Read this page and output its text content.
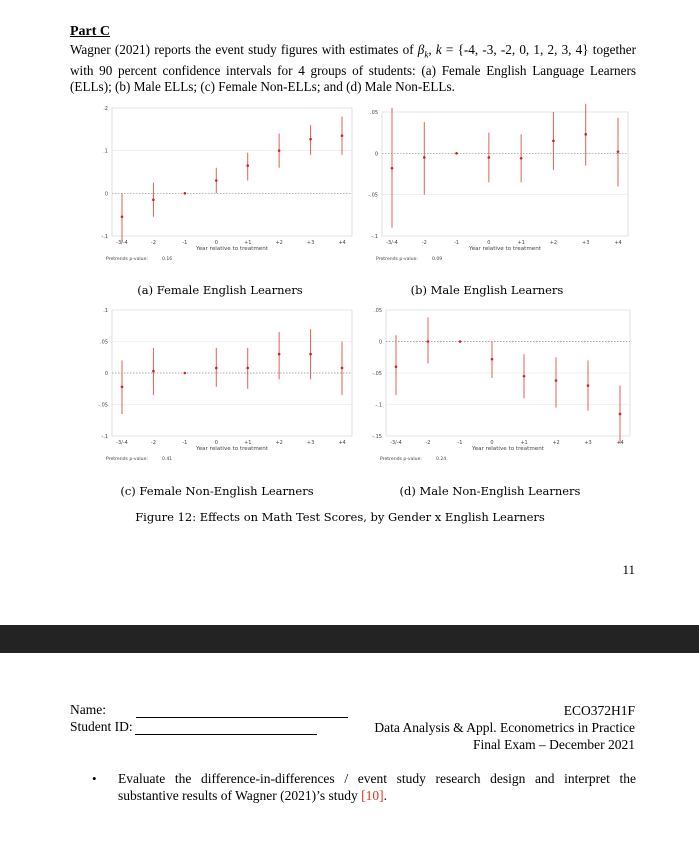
Part C
Wagner (2021) reports the event study figures with estimates of $\beta_k$, k = {-4, -3, -2, 0, 1, 2, 3, 4} together with 90 percent confidence intervals for 4 groups of students: (a) Female English Language Learners (ELLs); (b) Male ELLs; (c) Female Non-ELLs; and (d) Male Non-ELLs.
-.1
0
.1
.2
-3/-4	-2	-1	0	+1	+2	+3	+4
Year relative to treatment
Pretrends p-value:	0.16
-.1
-.05
0
.05
-3/-4	-2	-1	0	+1	+2	+3	+4
Year relative to treatment
Pretrends p-value:	0.09
-.1
-.05
0
.05
.1
-3/-4	-2	-1	0	+1	+2	+3	+4
Year relative to treatment
Pretrends p-value:	0.41
-.15
-.1
-.05
0
.05
-3/-4	-2	-1	0	+1	+2	+3	+4
Year relative to treatment
Pretrends p-value:	0.24
(a) Female English Learners	(b) Male English Learners
(c) Female Non-English Learners	(d) Male Non-English Learners
Figure 12: Effects on Math Test Scores, by Gender x English Learners
11
Name:
Student ID:
ECO372H1F
Data Analysis & Appl. Econometrics in Practice
Final Exam – December 2021
•	Evaluate the difference-in-differences / event study research design and interpret the substantive results of Wagner (2021)’s study [10].
